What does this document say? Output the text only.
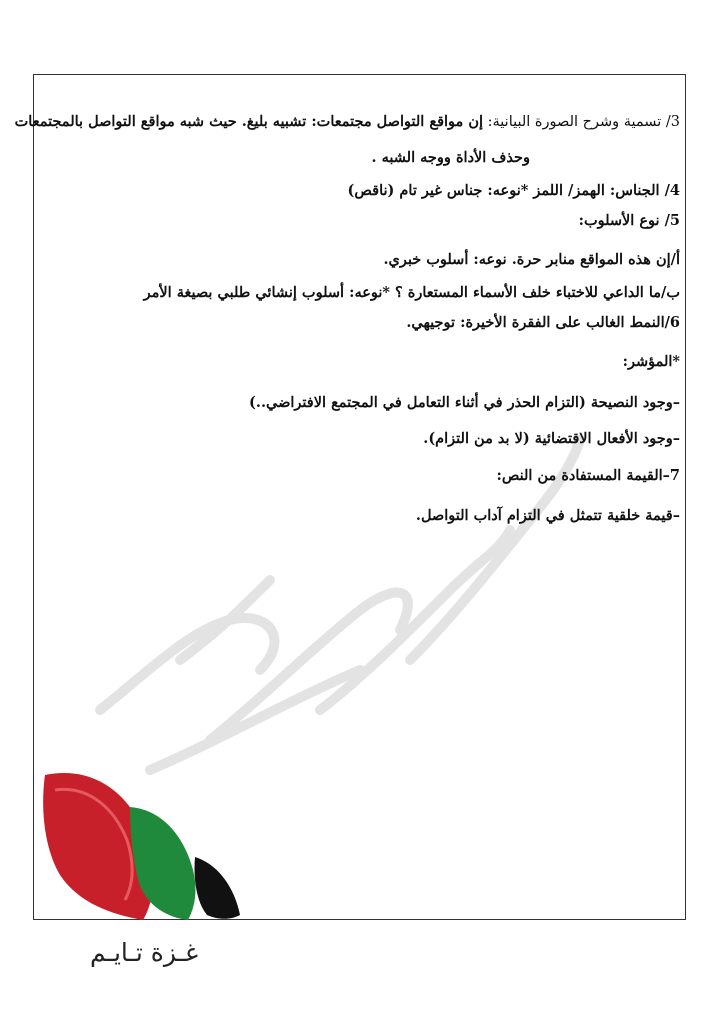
3/ تسمية وشرح الصورة البيانية: إن مواقع التواصل مجتمعات: تشبيه بليغ. حيث شبه مواقع التواصل بالمجتمعات
وحذف الأداة ووجه الشبه .
4/ الجناس: الهمز/ اللمز *نوعه: جناس غير تام (ناقص)
5/ نوع الأسلوب:
أ/إن هذه المواقع منابر حرة. نوعه: أسلوب خبري.
ب/ما الداعي للاختباء خلف الأسماء المستعارة ؟ *نوعه: أسلوب إنشائي طلبي بصيغة الأمر
6/النمط الغالب على الفقرة الأخيرة: توجيهي.
*المؤشر:
–وجود النصيحة (التزام الحذر في أثناء التعامل في المجتمع الافتراضي..)
–وجود الأفعال الاقتضائية (لا بد من التزام).
7–القيمة المستفادة من النص:
–قيمة خلقية تتمثل في التزام آداب التواصل.
غـزة تـايـم
